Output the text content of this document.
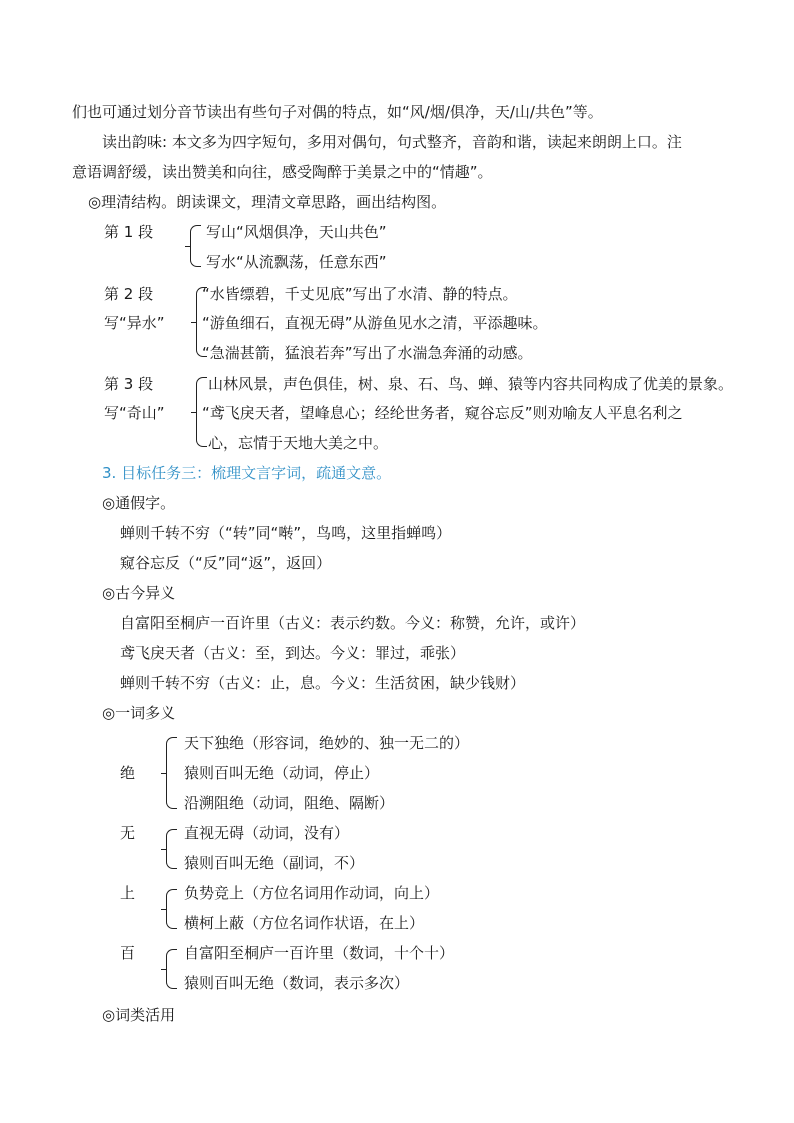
们也可通过划分音节读出有些句子对偶的特点，如“风/烟/俱净，天/山/共色”等。
读出韵味: 本文多为四字短句，多用对偶句，句式整齐，音韵和谐，读起来朗朗上口。注
意语调舒缓，读出赞美和向往，感受陶醉于美景之中的“情趣”。
◎理清结构。朗读课文，理清文章思路，画出结构图。
第 1 段	写山“风烟俱净，天山共色”
写水“从流飘荡，任意东西”
第 2 段
写“异水”
“水皆缥碧，千丈见底”写出了水清、静的特点。
“游鱼细石，直视无碍”从游鱼见水之清，平添趣味。
“急湍甚箭，猛浪若奔”写出了水湍急奔涌的动感。
第 3 段
写“奇山”
山林风景，声色俱佳，树、泉、石、鸟、蝉、猿等内容共同构成了优美的景象。
“鸢飞戾天者，望峰息心；经纶世务者，窥谷忘反”则劝喻友人平息名利之
心，忘情于天地大美之中。
3. 目标任务三：梳理文言字词，疏通文意。
◎通假字。
蝉则千转不穷（“转”同“啭”，鸟鸣，这里指蝉鸣）
窥谷忘反（“反”同“返”，返回）
◎古今异义
自富阳至桐庐一百许里（古义：表示约数。今义：称赞，允许，或许）
鸢飞戾天者（古义：至，到达。今义：罪过，乖张）
蝉则千转不穷（古义：止，息。今义：生活贫困，缺少钱财）
◎一词多义
绝
天下独绝（形容词，绝妙的、独一无二的）
猿则百叫无绝（动词，停止）
沿溯阻绝（动词，阻绝、隔断）
无	直视无碍（动词，没有）
猿则百叫无绝（副词，不）
上	负势竞上（方位名词用作动词，向上）
横柯上蔽（方位名词作状语，在上）
百	自富阳至桐庐一百许里（数词，十个十）
猿则百叫无绝（数词，表示多次）
◎词类活用
